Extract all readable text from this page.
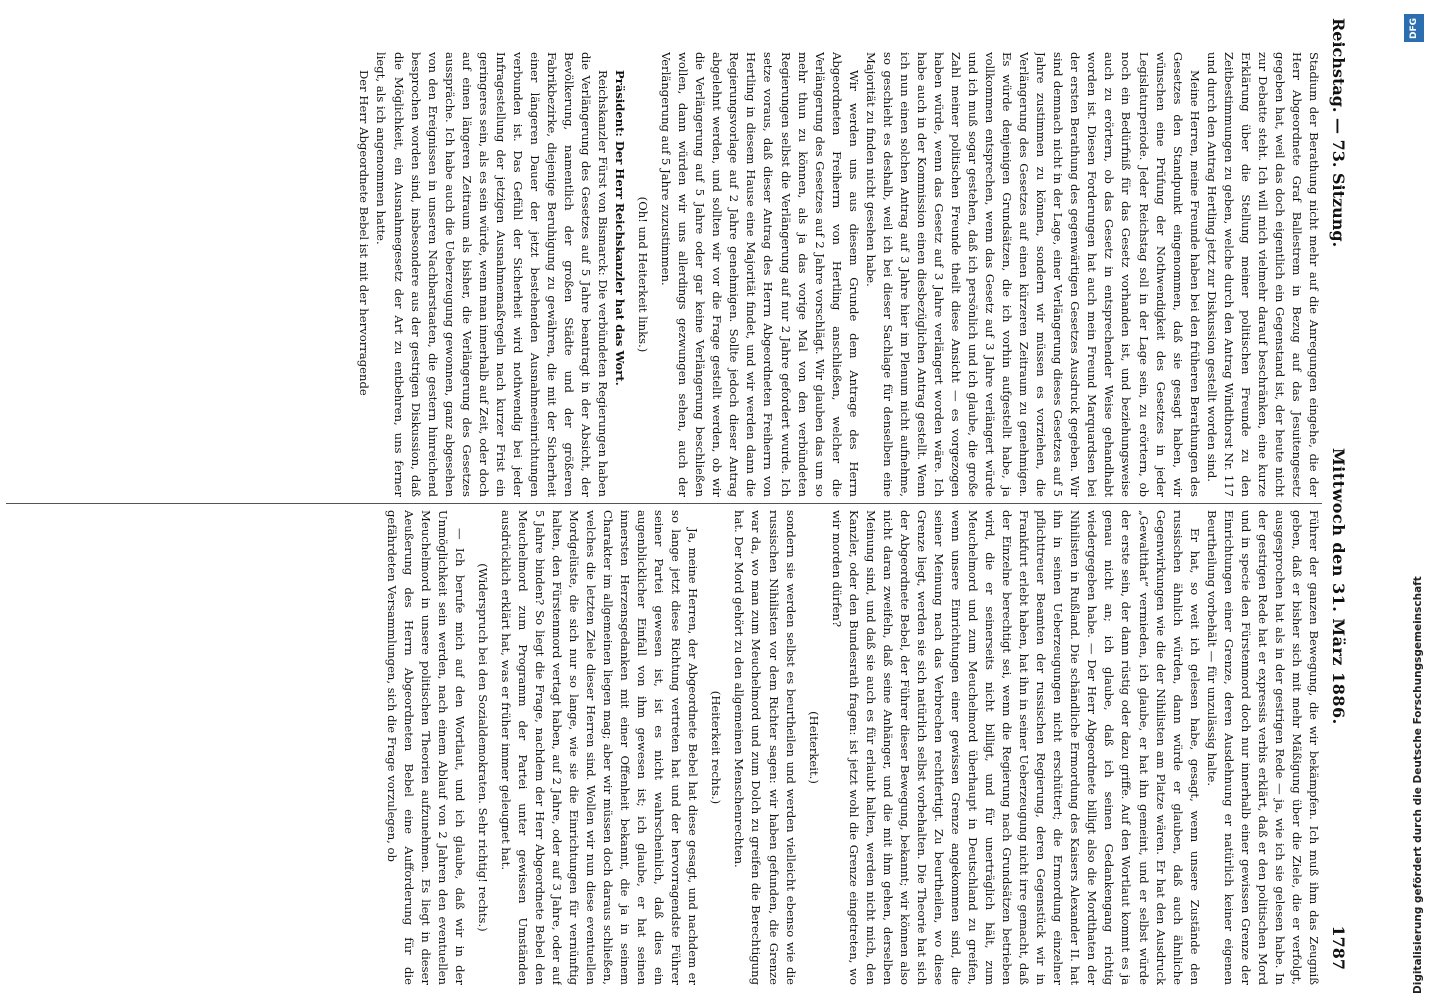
Reichstag. — 73. Sitzung.
Mittwoch den 31. März 1886.
1787

Stadium der Berathung nicht mehr auf die Anregungen eingehe, die der Herr Abgeordnete Graf Ballestrem in Bezug auf das Jesuitengesetz gegeben hat, weil das doch eigentlich ein Gegenstand ist, der heute nicht zur Debatte steht. Ich will mich vielmehr darauf beschränken, eine kurze Erklärung über die Stellung meiner politischen Freunde zu den Zeitbestimmungen zu geben, welche durch den Antrag Windthorst Nr. 117 und durch den Antrag Hertling jetzt zur Diskussion gestellt worden sind.

Meine Herren, meine Freunde haben bei den früheren Berathungen des Gesetzes den Standpunkt eingenommen, daß sie gesagt haben, wir wünschen eine Prüfung der Nothwendigkeit des Gesetzes in jeder Legislaturperiode. Jeder Reichstag soll in der Lage sein, zu erörtern, ob noch ein Bedürfniß für das Gesetz vorhanden ist, und beziehungsweise auch zu erörtern, ob das Gesetz in entsprechender Weise gehandhabt worden ist. Diesen Forderungen hat auch mein Freund Marquardsen bei der ersten Berathung des gegenwärtigen Gesetzes Ausdruck gegeben. Wir sind demnach nicht in der Lage, einer Verlängerung dieses Gesetzes auf 5 Jahre zustimmen zu können, sondern wir müssen es vorziehen, die Verlängerung des Gesetzes auf einen kürzeren Zeitraum zu genehmigen. Es würde denjenigen Grundsätzen, die ich vorhin aufgestellt habe, ja vollkommen entsprechen, wenn das Gesetz auf 3 Jahre verlängert würde und ich muß sogar gestehen, daß ich persönlich und ich glaube, die große Zahl meiner politischen Freunde theilt diese Ansicht — es vorgezogen haben würde, wenn das Gesetz auf 3 Jahre verlängert worden wäre. Ich habe auch in der Kommission einen diesbezüglichen Antrag gestellt. Wenn ich nun einen solchen Antrag auf 3 Jahre hier im Plenum nicht aufnehme, so geschieht es deshalb, weil ich bei dieser Sachlage für denselben eine Majorität zu finden nicht gesehen habe.

Wir werden uns aus diesem Grunde dem Antrage des Herrn Abgeordneten Freiherrn von Hertling anschließen, welcher die Verlängerung des Gesetzes auf 2 Jahre vorschlägt. Wir glauben das um so mehr thun zu können, als ja das vorige Mal von den verbündeten Regierungen selbst die Verlängerung auf nur 2 Jahre gefordert wurde. Ich setze voraus, daß dieser Antrag des Herrn Abgeordneten Freiherrn von Hertling in diesem Hause eine Majorität findet, und wir werden dann die Regierungsvorlage auf 2 Jahre genehmigen. Sollte jedoch dieser Antrag abgelehnt werden, und sollten wir vor die Frage gestellt werden, ob wir die Verlängerung auf 5 Jahre oder gar keine Verlängerung beschließen wollen, dann würden wir uns allerdings gezwungen sehen, auch der Verlängerung auf 5 Jahre zuzustimmen.

(Oh! und Heiterkeit links.)

Präsident: Der Herr Reichskanzler hat das Wort.

Reichskanzler Fürst von Bismarck: Die verbündeten Regierungen haben die Verlängerung des Gesetzes auf 5 Jahre beantragt in der Absicht, der Bevölkerung, namentlich der großen Städte und der größeren Fabrikbezirke, diejenige Beruhigung zu gewähren, die mit der Sicherheit einer längeren Dauer der jetzt bestehenden Ausnahmeeinrichtungen verbunden ist. Das Gefühl der Sicherheit wird nothwendig bei jeder Infragestellung der jetzigen Ausnahmemaßregeln nach kurzer Frist ein geringeres sein, als es sein würde, wenn man innerhalb auf Zeit, oder doch auf einen längeren Zeitraum als bisher, die Verlängerung des Gesetzes ausspräche. Ich habe auch die Ueberzeugung gewonnen, ganz abgesehen von den Ereignissen in unseren Nachbarstaaten, die gestern hinreichend besprochen worden sind, insbesondere aus der gestrigen Diskussion, daß die Möglichkeit, ein Ausnahmegesetz der Art zu entbehren, uns ferner liegt, als ich angenommen hatte.

Der Herr Abgeordnete Bebel ist mit der hervorragende

Führer der ganzen Bewegung, die wir bekämpfen. Ich muß ihm das Zeugniß geben, daß er bisher sich mit mehr Mäßigung über die Ziele, die er verfolgt, ausgesprochen hat als in der gestrigen Rede — ja, wie ich sie gelesen habe. In der gestrigen Rede hat er expressis verbis erklärt, daß er den politischen Mord und in specie den Fürstenmord doch nur innerhalb einer gewissen Grenze der Einrichtungen einer Grenze, deren Ausdehnung er natürlich keiner eigenen Beurtheilung vorbehält — für unzulässig halte.

Er hat, so weit ich gelesen habe, gesagt, wenn unsere Zustände den russischen ähnlich würden, dann würde er glauben, daß auch ähnliche Gegenwirkungen wie die der Nihilisten am Platze wären. Er hat den Ausdruck „Gewaltthat“ vermieden, ich glaube, er hat ihn gemeint, und er selbst würde der erste sein, der dann rüstig oder dazu griffe. Auf den Wortlaut kommt es ja genau nicht an; ich glaube, daß ich seinen Gedankengang richtig wiedergegeben habe. — Der Herr Abgeordnete billigt also die Mordthaten der Nihilisten in Rußland. Die schändliche Ermordung des Kaisers Alexander II. hat ihn in seinen Ueberzeugungen nicht erschüttert; die Ermordung einzelner pflichttreuer Beamten der russischen Regierung, deren Gegenstück wir in Frankfurt erlebt haben, hat ihn in seiner Ueberzeugung nicht irre gemacht, daß der Einzelne berechtigt sei, wenn die Regierung nach Grundsätzen betrieben wird, die er seinerseits nicht billigt, und für unerträglich hält, zum Meuchelmord und zum Meuchelmord überhaupt in Deutschland zu greifen, wenn unsere Einrichtungen einer gewissen Grenze angekommen sind, die seiner Meinung nach das Verbrechen rechtfertigt. Zu beurtheilen, wo diese Grenze liegt, werden sie sich natürlich selbst vorbehalten. Die Theorie hat sich der Abgeordnete Bebel, der Führer dieser Bewegung, bekannt; wir können also nicht daran zweifeln, daß seine Anhänger, und die mit ihm gehen, derselben Meinung sind, und daß sie auch es für erlaubt halten, werden nicht mich, den Kanzler, oder den Bundesrath fragen: ist jetzt wohl die Grenze eingetreten, wo wir morden dürfen?

(Heiterkeit.)

sondern sie werden selbst es beurtheilen und werden vielleicht ebenso wie die russischen Nihilisten vor dem Richter sagen: wir haben gefunden, die Grenze war da, wo man zum Meuchelmord und zum Dolch zu greifen die Berechtigung hat. Der Mord gehört zu den allgemeinen Menschenrechten.

(Heiterkeit rechts.)

Ja, meine Herren, der Abgeordnete Bebel hat diese gesagt, und nachdem er so lange jetzt diese Richtung vertreten hat und der hervorragendste Führer seiner Partei gewesen ist, ist es nicht wahrscheinlich, daß dies ein augenblicklicher Einfall von ihm gewesen ist; ich glaube, er hat seinen innersten Herzensgedanken mit einer Offenheit bekannt, die ja in seinem Charakter im allgemeinen liegen mag; aber wir müssen doch daraus schließen, welches die letzten Ziele dieser Herren sind. Wollen wir nun diese eventuellen Mordgelüste, die sich nur so lange, wie sie die Einrichtungen für vernünftig halten, den Fürstenmord vertagt haben, auf 2 Jahre, oder auf 3 Jahre, oder auf 5 Jahre binden? So liegt die Frage, nachdem der Herr Abgeordnete Bebel den Meuchelmord zum Programm der Partei unter gewissen Umständen ausdrücklich erklärt hat, was er früher immer geleugnet hat.

(Widerspruch bei den Sozialdemokraten. Sehr richtig! rechts.)

— Ich berufe mich auf den Wortlaut, und ich glaube, daß wir in der Unmöglichkeit sein werden, nach einem Ablauf von 2 Jahren den eventuellen Meuchelmord in unsere politischen Theorien aufzunehmen. Es liegt in dieser Aeußerung des Herrn Abgeordneten Bebel eine Aufforderung für die gefährdeten Versammlungen, sich die Frage vorzulegen, ob

DFG
Digitalisierung gefördert durch die Deutsche Forschungsgemeinschaft
